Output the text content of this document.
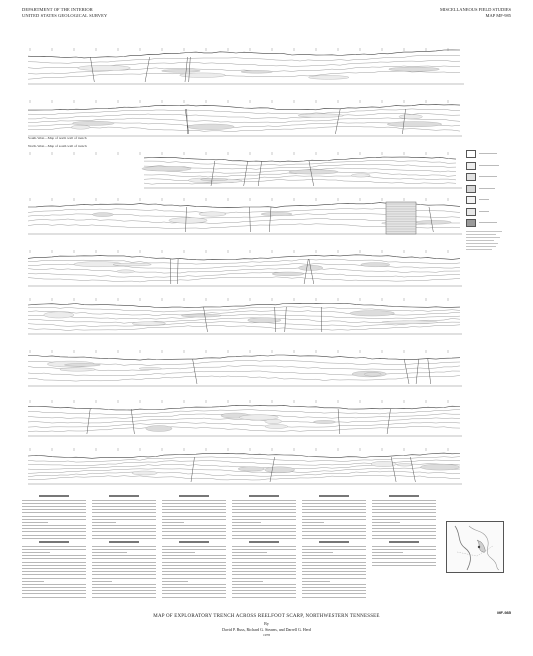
DEPARTMENT OF THE INTERIOR
UNITED STATES GEOLOGICAL SURVEY
MISCELLANEOUS FIELD STUDIES
MAP MF-985
South-West—Map of north wall of trench
North-West—Map of south wall of trench
MF-985
MAP OF EXPLORATORY TRENCH ACROSS REELFOOT SCARP, NORTHWESTERN TENNESSEE
By
David P. Russ, Richard G. Stearns, and Darrell G. Herd
1978
